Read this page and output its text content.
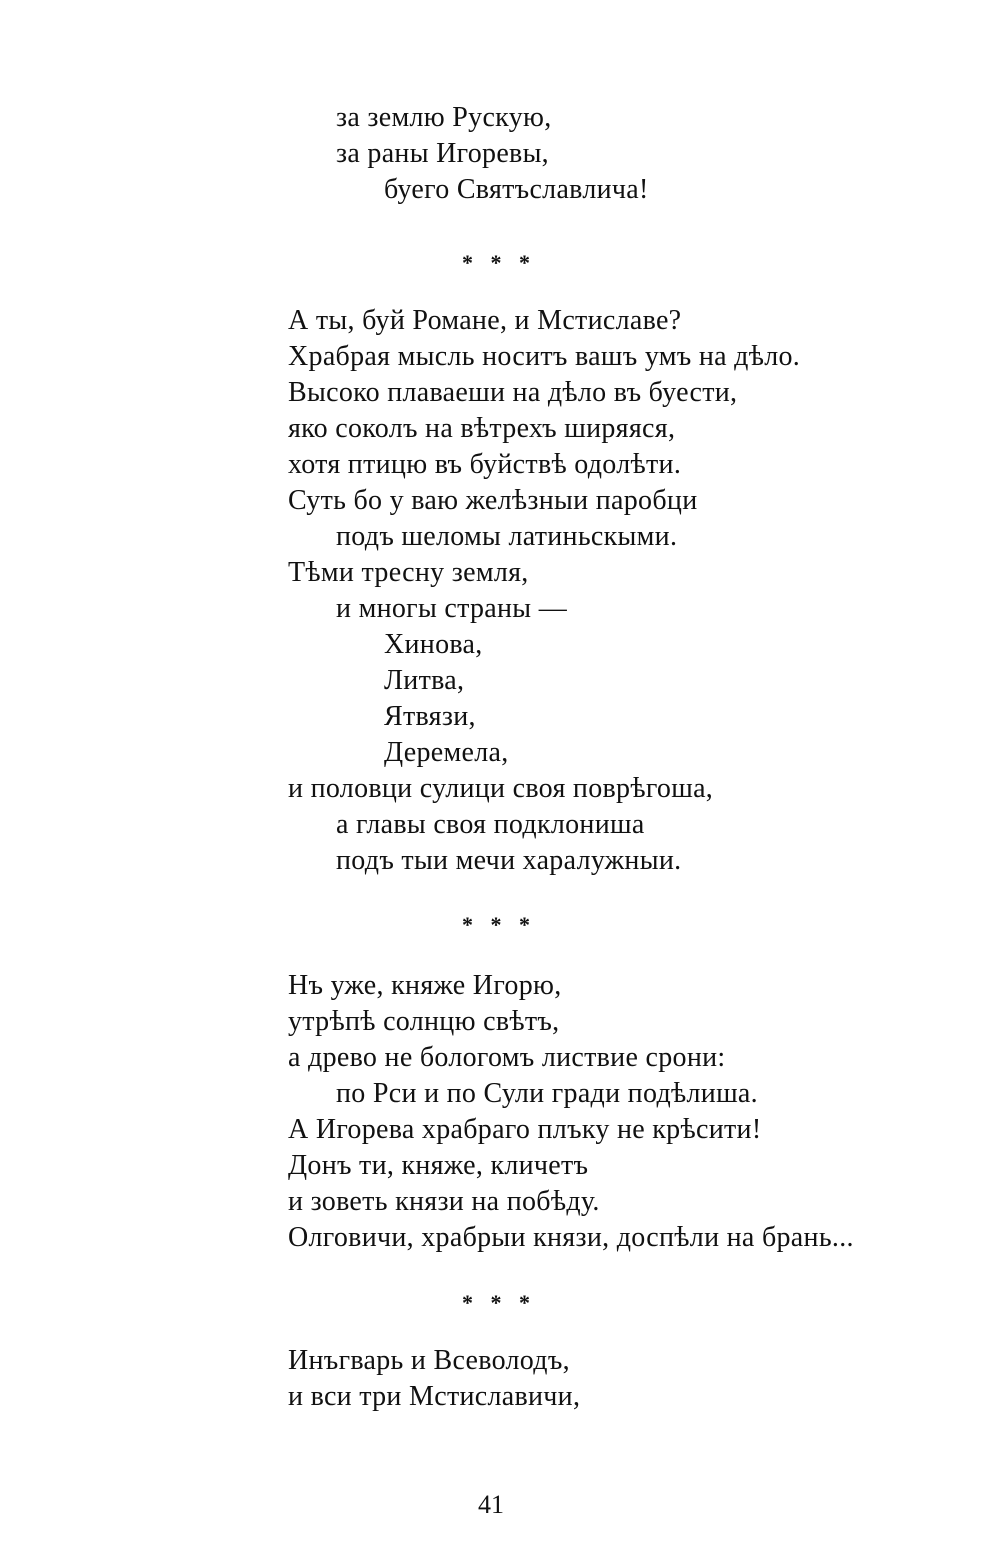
за землю Рускую,
за раны Игоревы,
буего Святъславлича!
А ты, буй Романе, и Мстиславе?
Храбрая мысль носитъ вашъ умъ на дѣло.
Высоко плаваеши на дѣло въ буести,
яко соколъ на вѣтрехъ ширяяся,
хотя птицю въ буйствѣ одолѣти.
Суть бо у ваю желѣзныи паробци
подъ шеломы латиньскыми.
Тѣми тресну земля,
и многы страны —
Хинова,
Литва,
Ятвязи,
Деремела,
и половци сулици своя поврѣгоша,
а главы своя подклониша
подъ тыи мечи харалужныи.
Нъ уже, княже Игорю,
утрѣпѣ солнцю свѣтъ,
а древо не бологомъ листвие срони:
по Рси и по Сули гради подѣлиша.
А Игорева храбраго плъку не крѣсити!
Донъ ти, княже, кличетъ
и зоветь князи на побѣду.
Олговичи, храбрыи князи, доспѣли на брань...
Инъгварь и Всеволодъ,
и вси три Мстиславичи,
* * *
* * *
* * *
41
